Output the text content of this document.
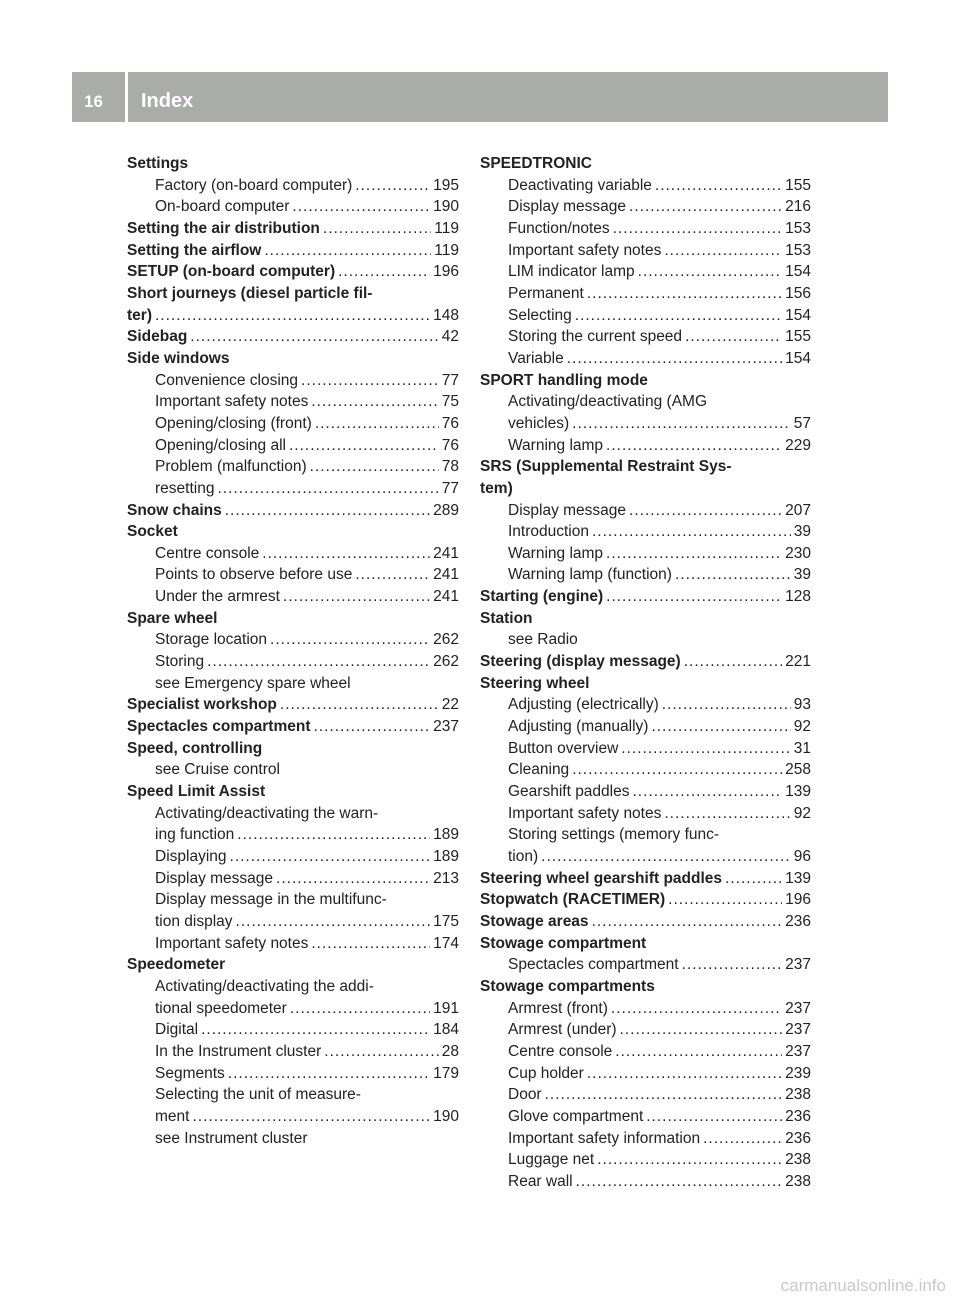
16 Index
Settings
Factory (on-board computer) .....	195
On-board computer .....	190
Setting the air distribution .....	119
Setting the airflow .....	119
SETUP (on-board computer) .....	196
Short journeys (diesel particle fil-
ter) .....	148
Sidebag .....	42
Side windows
Convenience closing .....	77
Important safety notes .....	75
Opening/closing (front) .....	76
Opening/closing all .....	76
Problem (malfunction) .....	78
resetting .....	77
Snow chains .....	289
Socket
Centre console .....	241
Points to observe before use .....	241
Under the armrest .....	241
Spare wheel
Storage location .....	262
Storing .....	262
see Emergency spare wheel
Specialist workshop .....	22
Spectacles compartment .....	237
Speed, controlling
see Cruise control
Speed Limit Assist
Activating/deactivating the warn-
ing function .....	189
Displaying .....	189
Display message .....	213
Display message in the multifunc-
tion display .....	175
Important safety notes .....	174
Speedometer
Activating/deactivating the addi-
tional speedometer .....	191
Digital .....	184
In the Instrument cluster .....	28
Segments .....	179
Selecting the unit of measure-
ment .....	190
see Instrument cluster
SPEEDTRONIC
Deactivating variable .....	155
Display message .....	216
Function/notes .....	153
Important safety notes .....	153
LIM indicator lamp .....	154
Permanent .....	156
Selecting .....	154
Storing the current speed .....	155
Variable .....	154
SPORT handling mode
Activating/deactivating (AMG
vehicles) .....	57
Warning lamp .....	229
SRS (Supplemental Restraint Sys-
tem)
Display message .....	207
Introduction .....	39
Warning lamp .....	230
Warning lamp (function) .....	39
Starting (engine) .....	128
Station
see Radio
Steering (display message) .....	221
Steering wheel
Adjusting (electrically) .....	93
Adjusting (manually) .....	92
Button overview .....	31
Cleaning .....	258
Gearshift paddles .....	139
Important safety notes .....	92
Storing settings (memory func-
tion) .....	96
Steering wheel gearshift paddles .....	139
Stopwatch (RACETIMER) .....	196
Stowage areas .....	236
Stowage compartment
Spectacles compartment .....	237
Stowage compartments
Armrest (front) .....	237
Armrest (under) .....	237
Centre console .....	237
Cup holder .....	239
Door .....	238
Glove compartment .....	236
Important safety information .....	236
Luggage net .....	238
Rear wall .....	238
carmanualsonline.info
